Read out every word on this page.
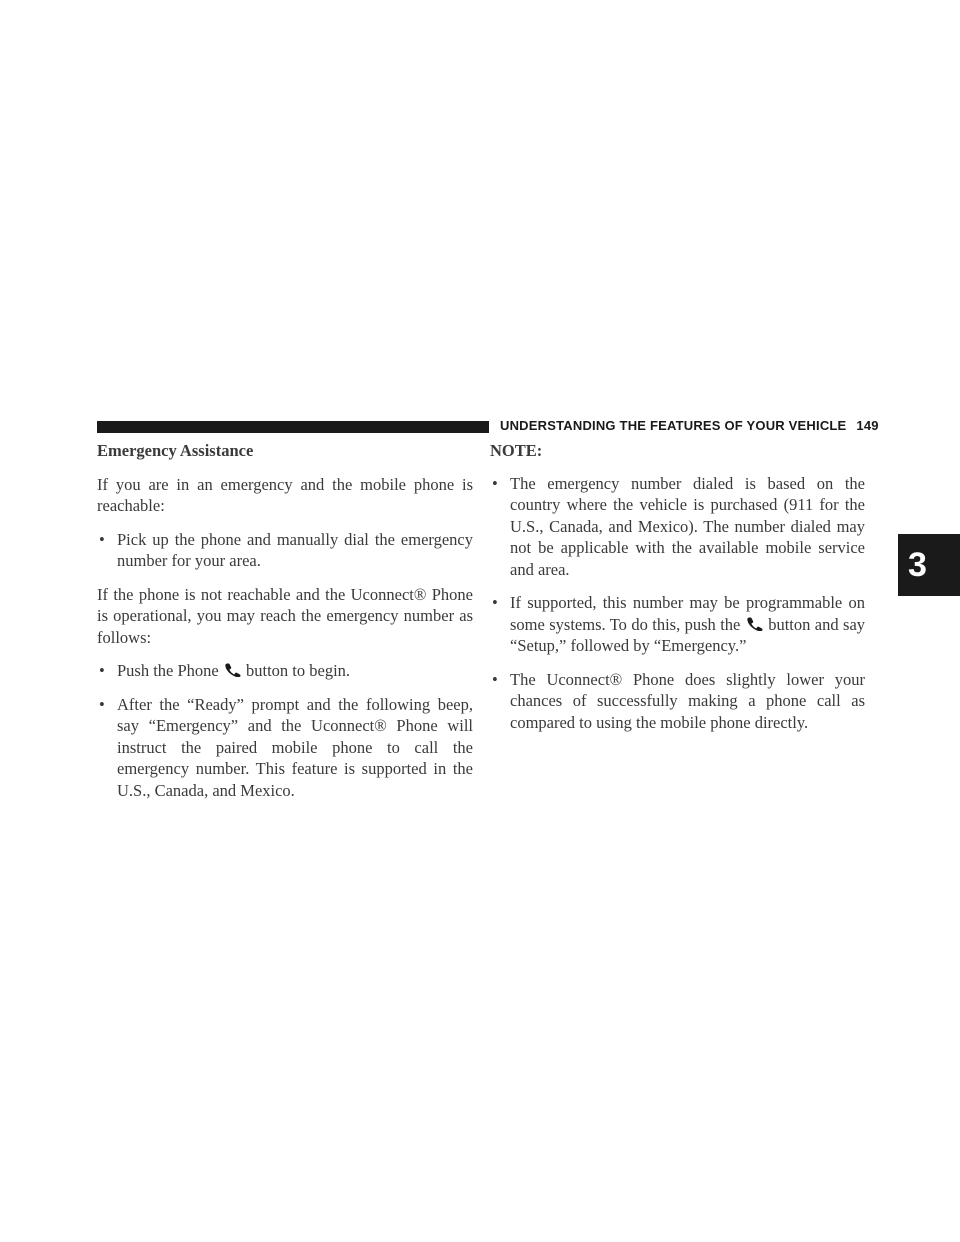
UNDERSTANDING THE FEATURES OF YOUR VEHICLE 149
3
Emergency Assistance

If you are in an emergency and the mobile phone is reachable:

• Pick up the phone and manually dial the emergency number for your area.

If the phone is not reachable and the Uconnect® Phone is operational, you may reach the emergency number as follows:

• Push the Phone button to begin.
• After the “Ready” prompt and the following beep, say “Emergency” and the Uconnect® Phone will instruct the paired mobile phone to call the emergency number. This feature is supported in the U.S., Canada, and Mexico.
NOTE:
• The emergency number dialed is based on the country where the vehicle is purchased (911 for the U.S., Canada, and Mexico). The number dialed may not be applicable with the available mobile service and area.
• If supported, this number may be programmable on some systems. To do this, push the button and say “Setup,” followed by “Emergency.”
• The Uconnect® Phone does slightly lower your chances of successfully making a phone call as compared to using the mobile phone directly.
